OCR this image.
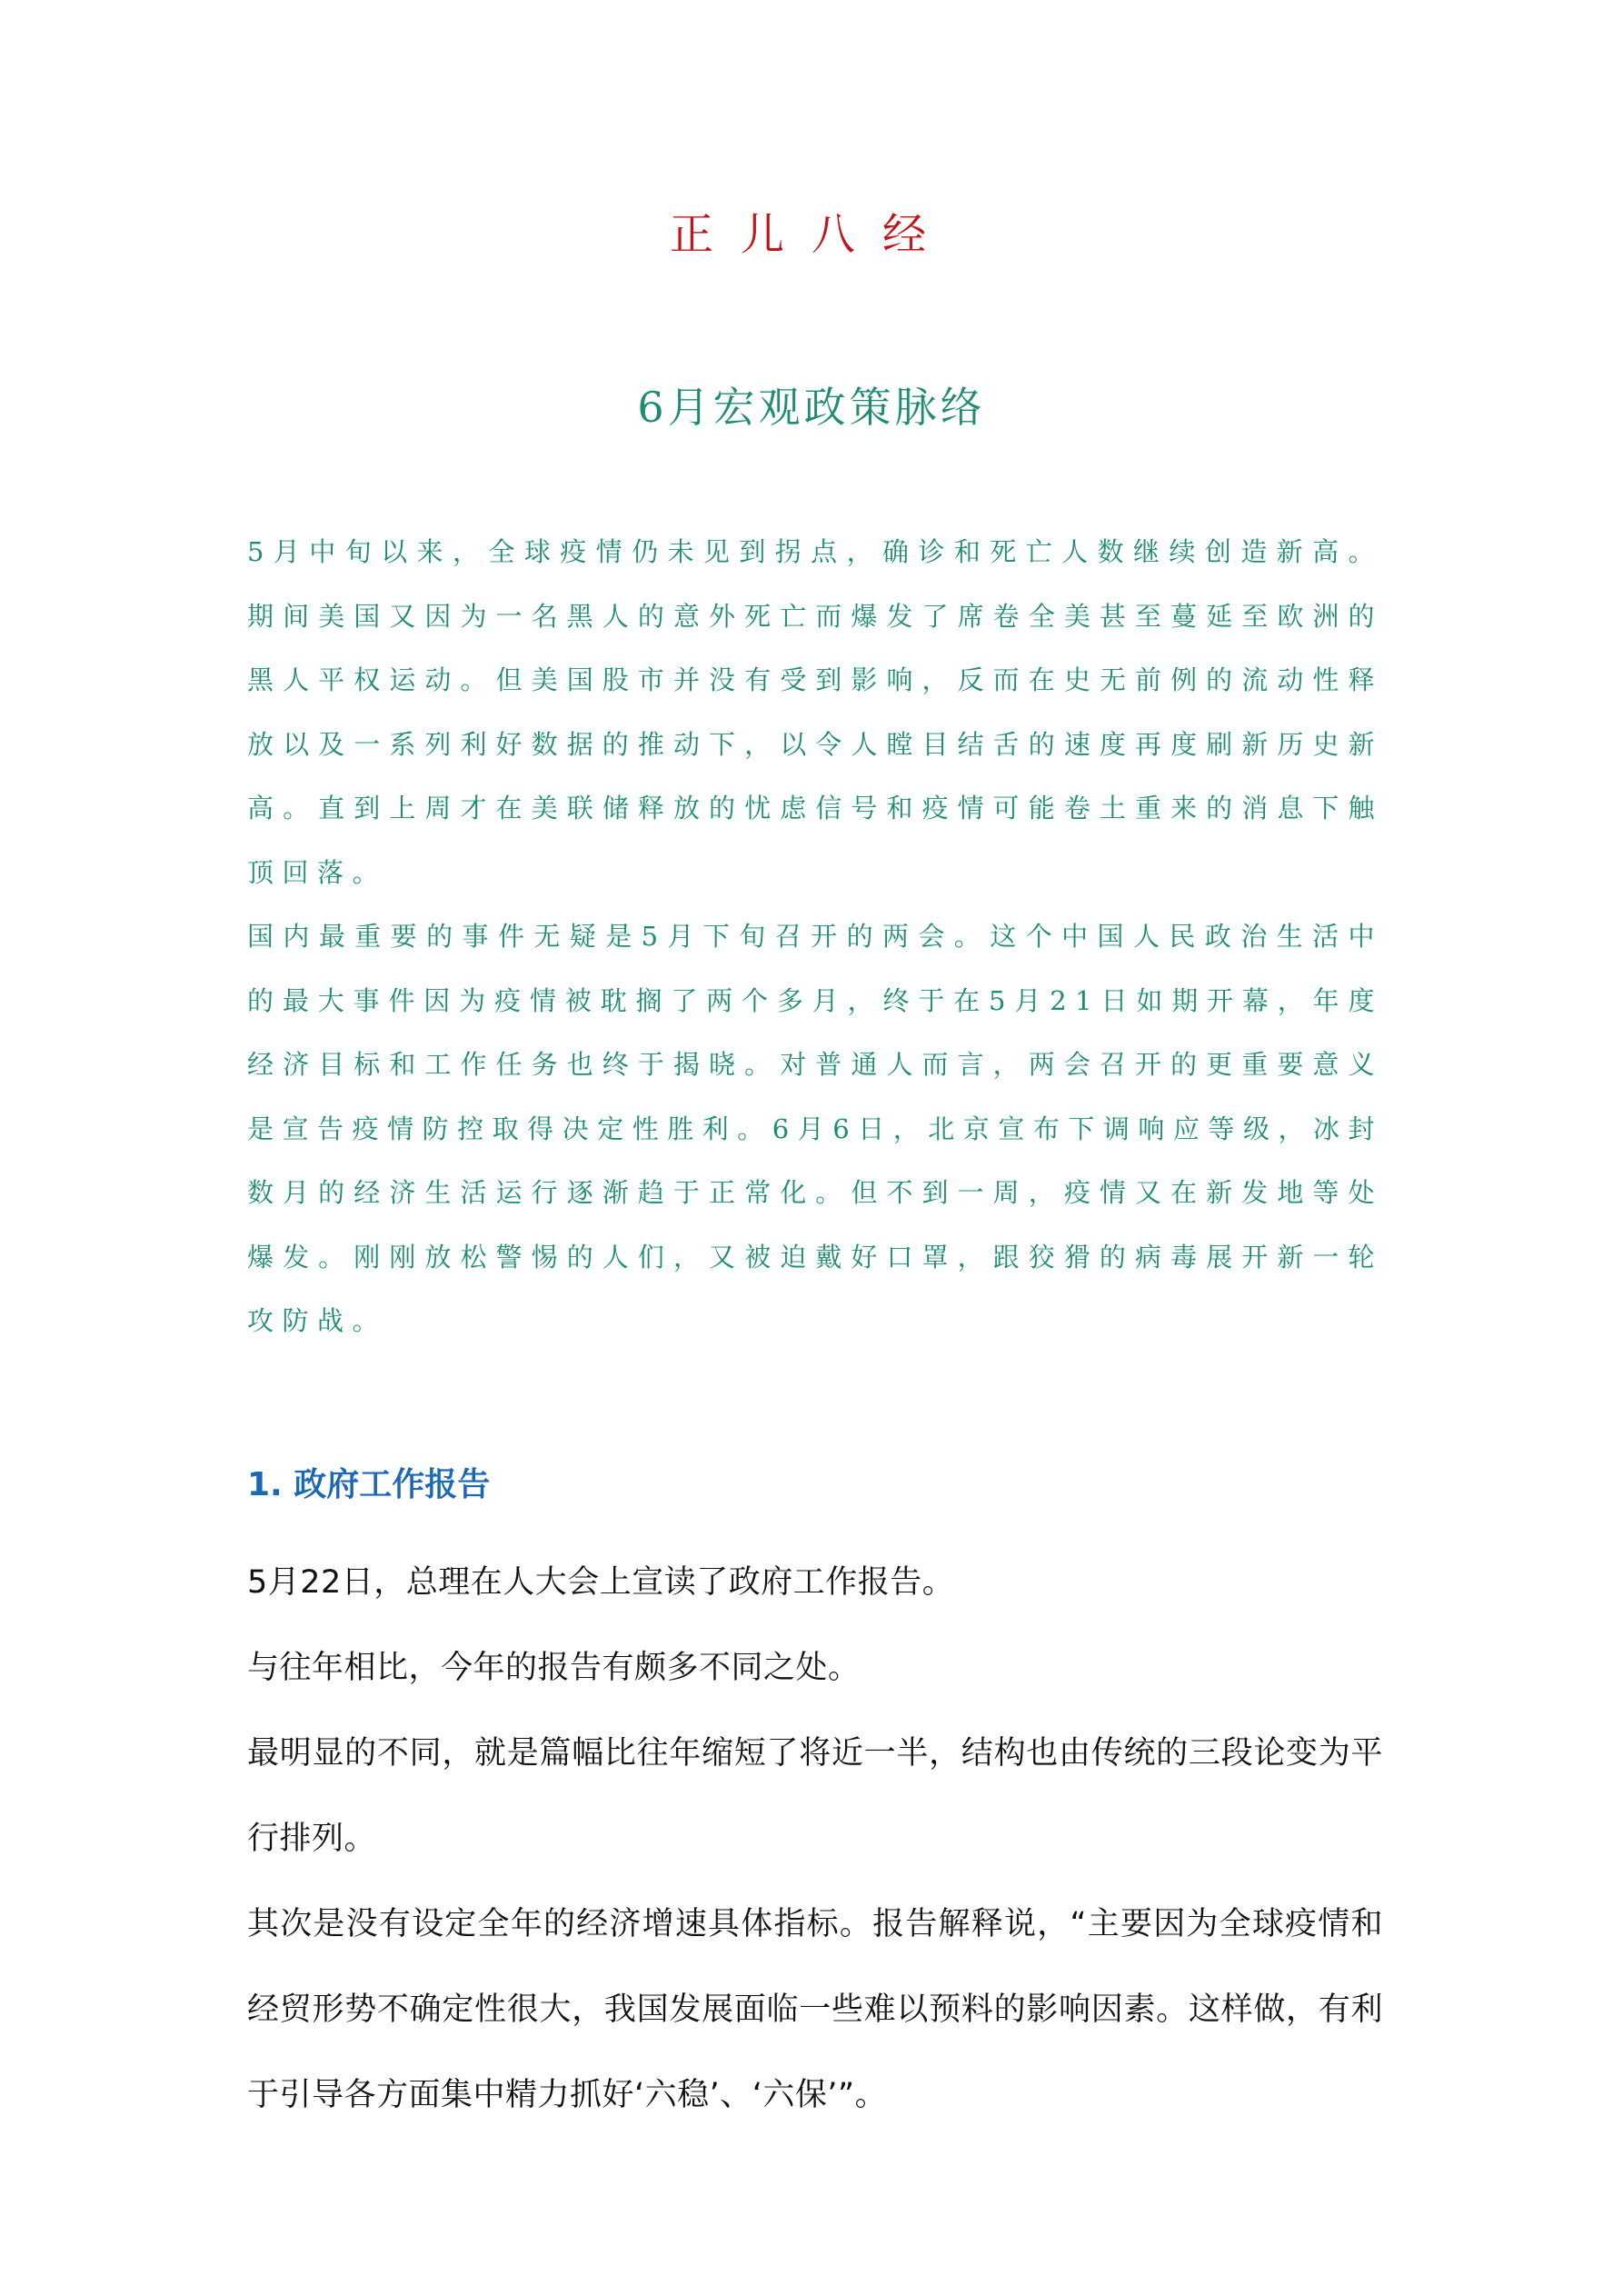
正儿八经
6月宏观政策脉络

5月中旬以来，全球疫情仍未见到拐点，确诊和死亡人数继续创造新高。期间美国又因为一名黑人的意外死亡而爆发了席卷全美甚至蔓延至欧洲的黑人平权运动。但美国股市并没有受到影响，反而在史无前例的流动性释放以及一系列利好数据的推动下，以令人瞠目结舌的速度再度刷新历史新高。直到上周才在美联储释放的忧虑信号和疫情可能卷土重来的消息下触顶回落。

国内最重要的事件无疑是5月下旬召开的两会。这个中国人民政治生活中的最大事件因为疫情被耽搁了两个多月，终于在5月21日如期开幕，年度经济目标和工作任务也终于揭晓。对普通人而言，两会召开的更重要意义是宣告疫情防控取得决定性胜利。6月6日，北京宣布下调响应等级，冰封数月的经济生活运行逐渐趋于正常化。但不到一周，疫情又在新发地等处爆发。刚刚放松警惕的人们，又被迫戴好口罩，跟狡猾的病毒展开新一轮攻防战。

1. 政府工作报告

5月22日，总理在人大会上宣读了政府工作报告。

与往年相比，今年的报告有颇多不同之处。

最明显的不同，就是篇幅比往年缩短了将近一半，结构也由传统的三段论变为平行排列。

其次是没有设定全年的经济增速具体指标。报告解释说，“主要因为全球疫情和经贸形势不确定性很大，我国发展面临一些难以预料的影响因素。这样做，有利于引导各方面集中精力抓好‘六稳’、‘六保’”。
